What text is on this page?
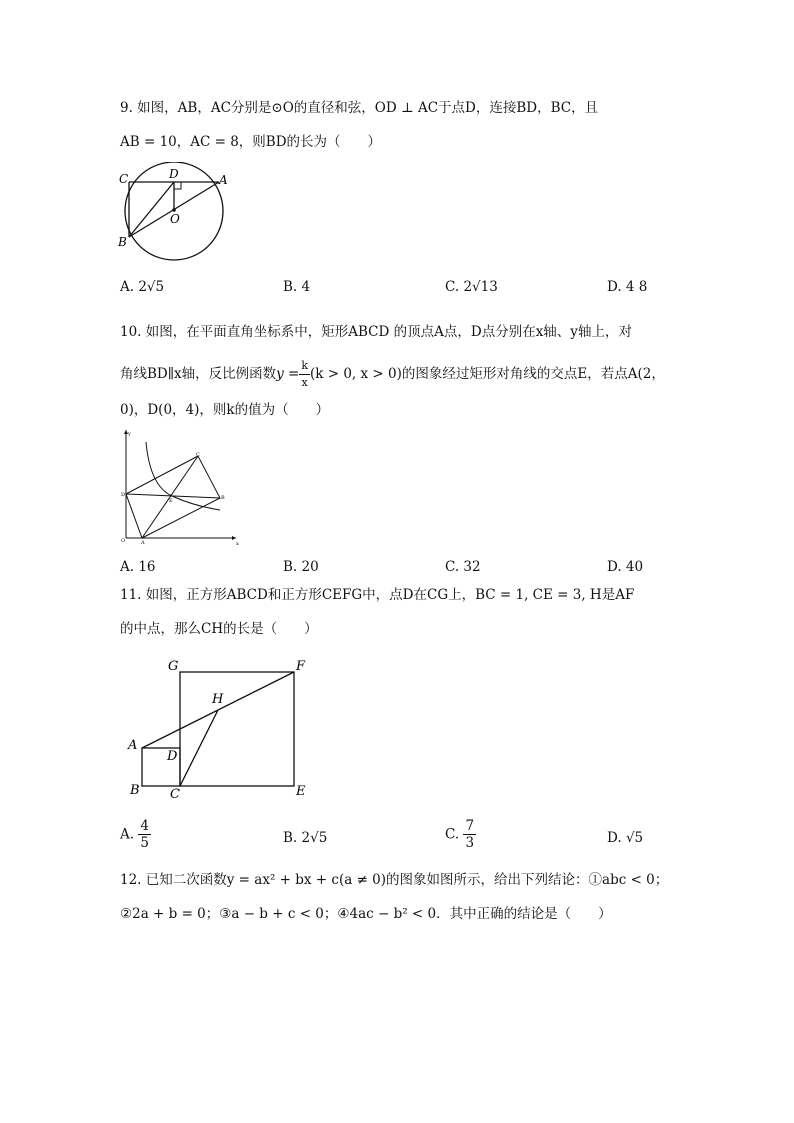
9. 如图，AB，AC分别是⊙O的直径和弦，OD ⊥ AC于点D，连接BD，BC，且
AB = 10，AC = 8，则BD的长为（　　）
C	D	A
O
B
A. 2√5	B. 4	C. 2√13	D. 4 8
10. 如图，在平面直角坐标系中，矩形ABCD 的顶点A点，D点分别在x轴、y轴上，对
角线BD∥x轴，反比例函数$y = \frac{k}{x} (k > 0$, x > 0)的图象经过矩形对角线的交点E，若点A(2，
0)，D(0，4)，则k的值为（　　）
y
x
C
D
E	B
O	A
A. 16	B. 20	C. 32	D. 40
11. 如图，正方形ABCD和正方形CEFG中，点D在CG上，BC = 1, CE = 3, H是AF
的中点，那么CH的长是（　　）
G	F
H
A
D
B C	E
A. $\frac{4}{5}$	B. 2√5	C. $\frac{7}{3}$	D. √5
12. 已知二次函数y = ax² + bx + c(a ≠ 0)的图象如图所示，给出下列结论：①abc < 0；
②2a + b = 0；③a − b + c < 0；④4ac − b² < 0．其中正确的结论是（　　）
